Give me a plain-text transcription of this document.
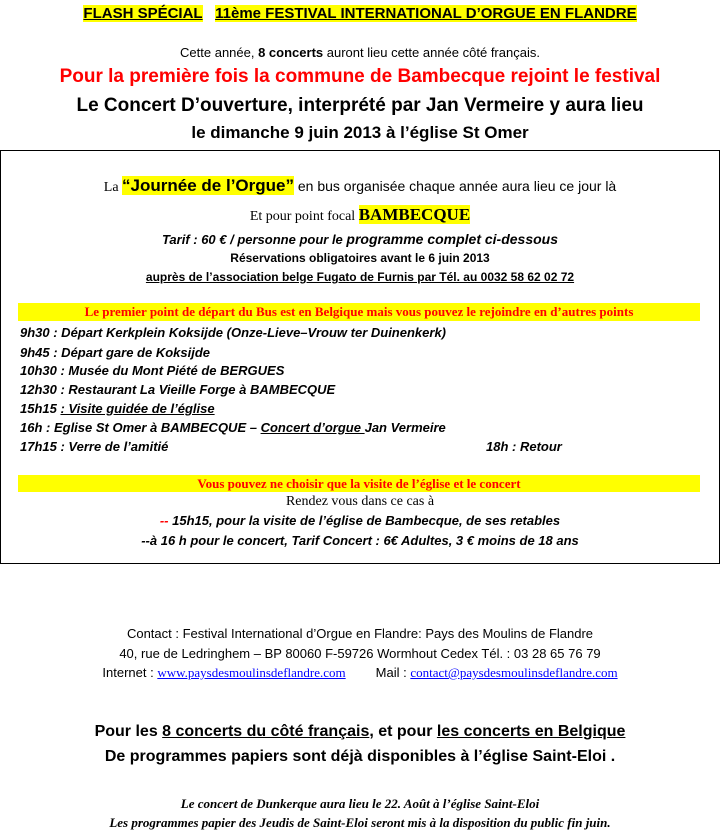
FLASH SPÉCIAL 11ème FESTIVAL INTERNATIONAL D’ORGUE EN FLANDRE
Cette année, 8 concerts auront lieu cette année côté français.
Pour la première fois la commune de Bambecque rejoint le festival
Le Concert D’ouverture, interprété par Jan Vermeire y aura lieu
le dimanche 9 juin 2013 à l’église St Omer
La “Journée de l’Orgue” en bus organisée chaque année aura lieu ce jour là
Et pour point focal BAMBECQUE
Tarif : 60 € / personne pour le programme complet ci-dessous
Réservations obligatoires avant le 6 juin 2013
auprès de l’association belge Fugato de Furnis par Tél. au 0032 58 62 02 72
Le premier point de départ du Bus est en Belgique mais vous pouvez le rejoindre en d’autres points
9h30 : Départ Kerkplein Koksijde (Onze-Lieve–Vrouw ter Duinenkerk)
9h45 : Départ gare de Koksijde
10h30 : Musée du Mont Piété de BERGUES
12h30 : Restaurant La Vieille Forge à BAMBECQUE
15h15 : Visite guidée de l’église
16h : Eglise St Omer à BAMBECQUE – Concert d’orgue Jan Vermeire
17h15 : Verre de l’amitié	18h : Retour
Vous pouvez ne choisir que la visite de l’église et le concert
Rendez vous dans ce cas à
-- 15h15, pour la visite de l’église de Bambecque, de ses retables
--à 16 h pour le concert, Tarif Concert : 6€ Adultes, 3 € moins de 18 ans
Contact : Festival International d’Orgue en Flandre: Pays des Moulins de Flandre
40, rue de Ledringhem – BP 80060 F-59726 Wormhout Cedex Tél. : 03 28 65 76 79
Internet : www.paysdesmoulinsdeflandre.com Mail : contact@paysdesmoulinsdeflandre.com
Pour les 8 concerts du côté français, et pour les concerts en Belgique
De programmes papiers sont déjà disponibles à l’église Saint-Eloi .
Le concert de Dunkerque aura lieu le 22. Août à l’église Saint-Eloi
Les programmes papier des Jeudis de Saint-Eloi seront mis à la disposition du public fin juin.
